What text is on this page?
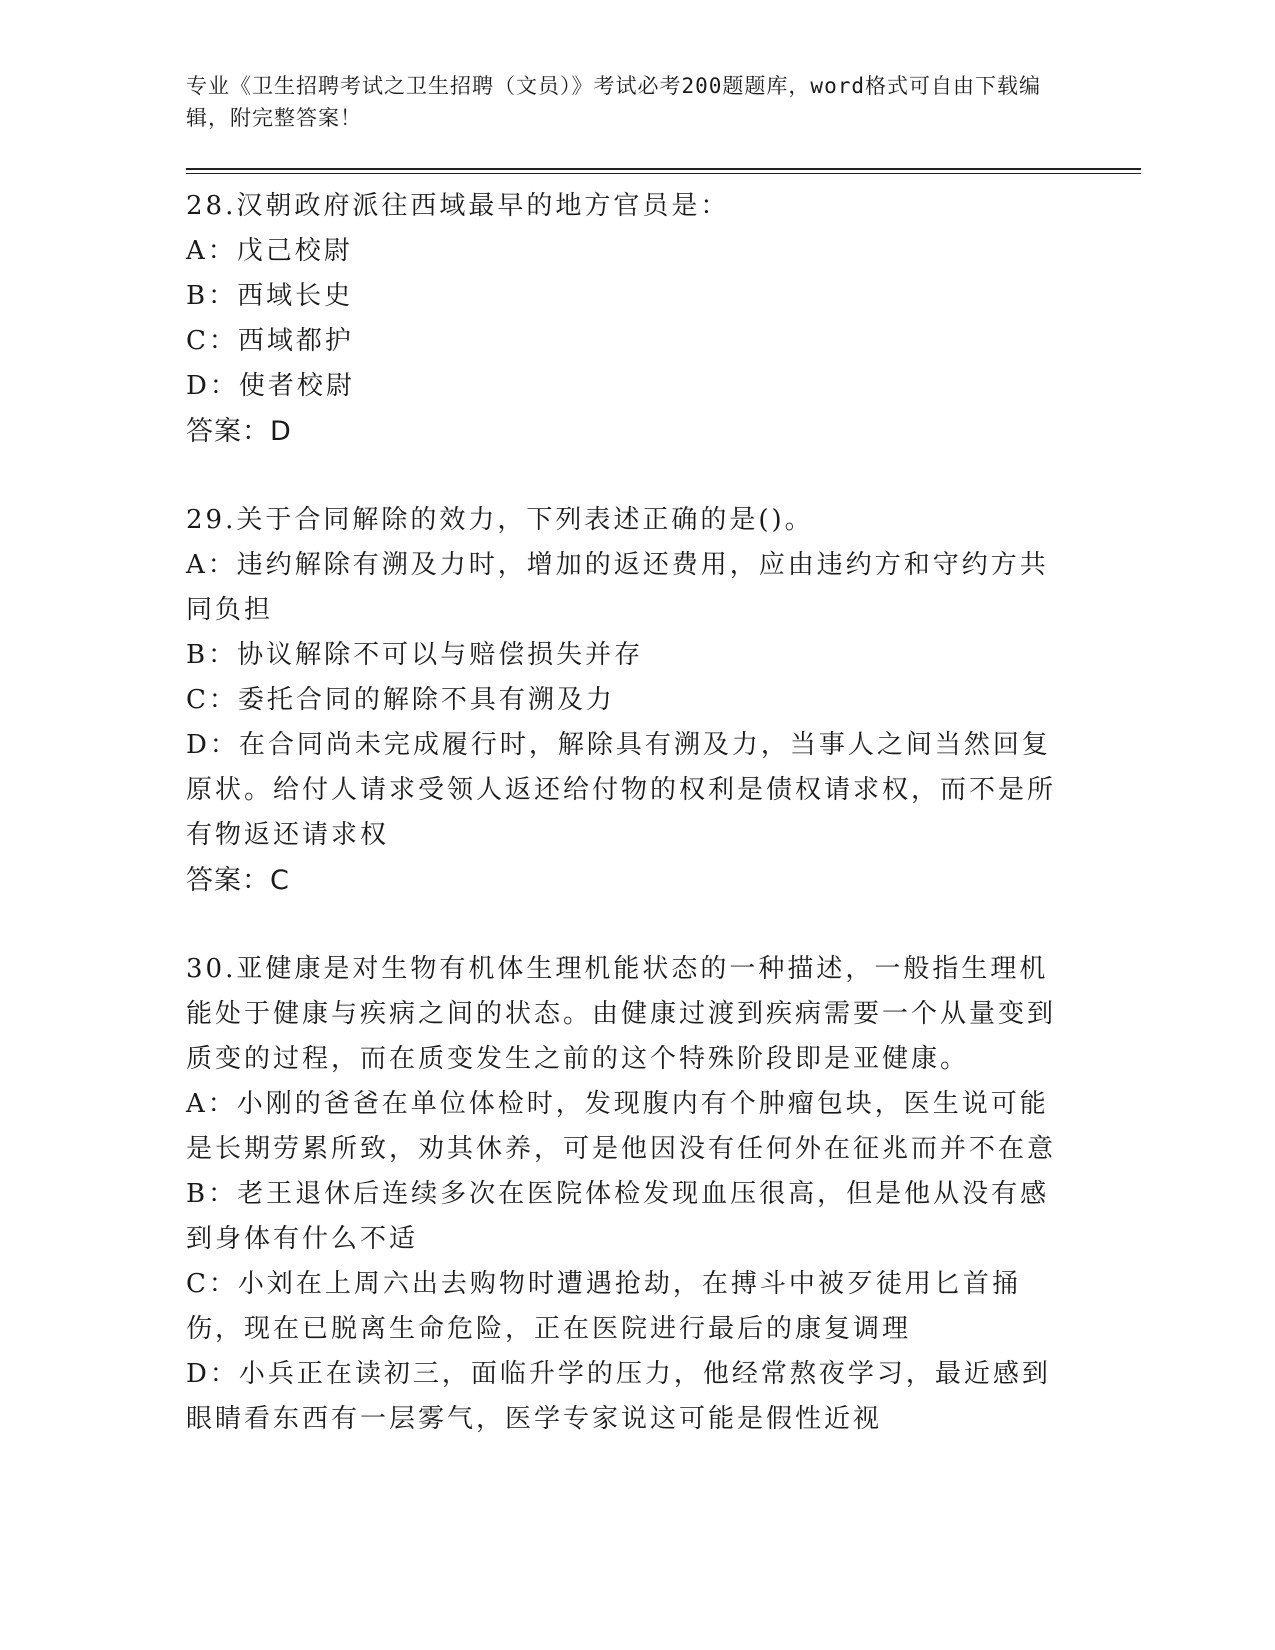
专业《卫生招聘考试之卫生招聘（文员）》考试必考200题题库，word格式可自由下载编辑，附完整答案！

28.汉朝政府派往西域最早的地方官员是：

A：戊己校尉

B：西域长史

C：西域都护

D：使者校尉

答案：D

29.关于合同解除的效力，下列表述正确的是()。

A：违约解除有溯及力时，增加的返还费用，应由违约方和守约方共同负担

B：协议解除不可以与赔偿损失并存

C：委托合同的解除不具有溯及力

D：在合同尚未完成履行时，解除具有溯及力，当事人之间当然回复原状。给付人请求受领人返还给付物的权利是债权请求权，而不是所有物返还请求权

答案：C

30.亚健康是对生物有机体生理机能状态的一种描述，一般指生理机能处于健康与疾病之间的状态。由健康过渡到疾病需要一个从量变到质变的过程，而在质变发生之前的这个特殊阶段即是亚健康。

A：小刚的爸爸在单位体检时，发现腹内有个肿瘤包块，医生说可能是长期劳累所致，劝其休养，可是他因没有任何外在征兆而并不在意

B：老王退休后连续多次在医院体检发现血压很高，但是他从没有感到身体有什么不适

C：小刘在上周六出去购物时遭遇抢劫，在搏斗中被歹徒用匕首捅伤，现在已脱离生命危险，正在医院进行最后的康复调理

D：小兵正在读初三，面临升学的压力，他经常熬夜学习，最近感到眼睛看东西有一层雾气，医学专家说这可能是假性近视
